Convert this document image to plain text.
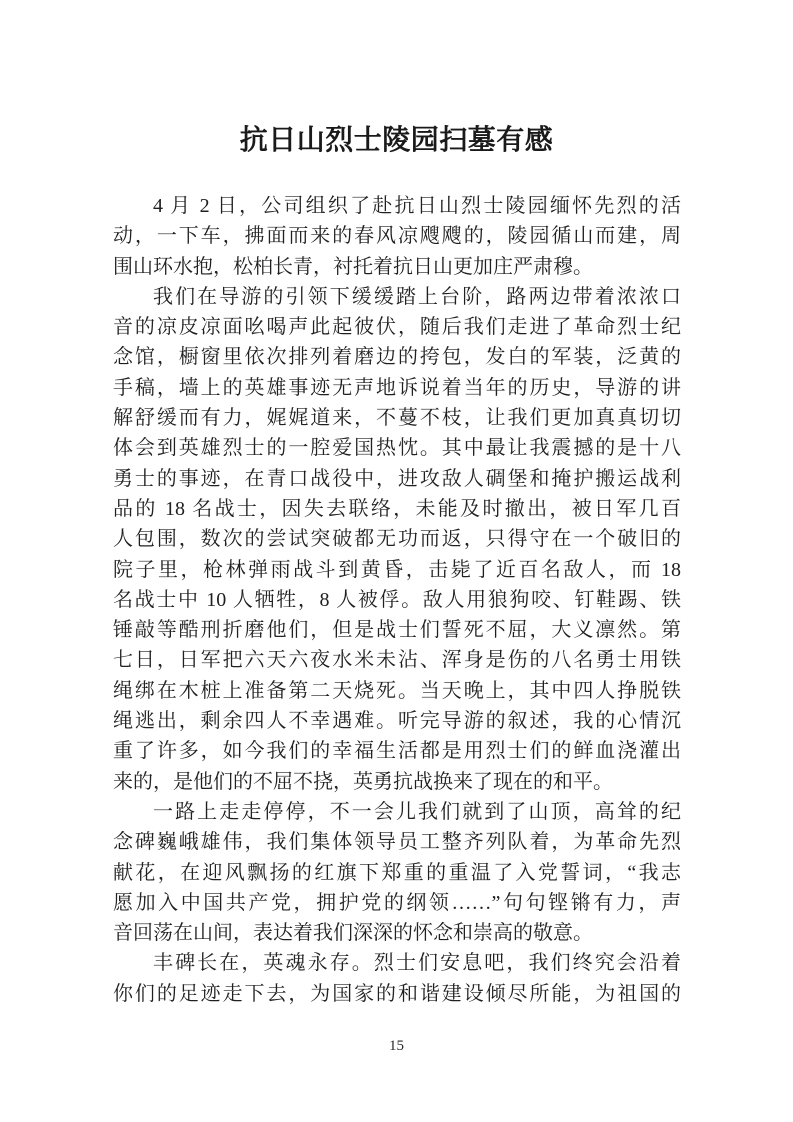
抗日山烈士陵园扫墓有感
4 月 2 日，公司组织了赴抗日山烈士陵园缅怀先烈的活
动，一下车，拂面而来的春风凉飕飕的，陵园循山而建，周
围山环水抱，松柏长青，衬托着抗日山更加庄严肃穆。
我们在导游的引领下缓缓踏上台阶，路两边带着浓浓口
音的凉皮凉面吆喝声此起彼伏，随后我们走进了革命烈士纪
念馆，橱窗里依次排列着磨边的挎包，发白的军装，泛黄的
手稿，墙上的英雄事迹无声地诉说着当年的历史，导游的讲
解舒缓而有力，娓娓道来，不蔓不枝，让我们更加真真切切
体会到英雄烈士的一腔爱国热忱。其中最让我震撼的是十八
勇士的事迹，在青口战役中，进攻敌人碉堡和掩护搬运战利
品的 18 名战士，因失去联络，未能及时撤出，被日军几百
人包围，数次的尝试突破都无功而返，只得守在一个破旧的
院子里，枪林弹雨战斗到黄昏，击毙了近百名敌人，而 18
名战士中 10 人牺牲，8 人被俘。敌人用狼狗咬、钉鞋踢、铁
锤敲等酷刑折磨他们，但是战士们誓死不屈，大义凛然。第
七日，日军把六天六夜水米未沾、浑身是伤的八名勇士用铁
绳绑在木桩上准备第二天烧死。当天晚上，其中四人挣脱铁
绳逃出，剩余四人不幸遇难。听完导游的叙述，我的心情沉
重了许多，如今我们的幸福生活都是用烈士们的鲜血浇灌出
来的，是他们的不屈不挠，英勇抗战换来了现在的和平。
一路上走走停停，不一会儿我们就到了山顶，高耸的纪
念碑巍峨雄伟，我们集体领导员工整齐列队着，为革命先烈
献花，在迎风飘扬的红旗下郑重的重温了入党誓词，“我志
愿加入中国共产党，拥护党的纲领……”句句铿锵有力，声
音回荡在山间，表达着我们深深的怀念和崇高的敬意。
丰碑长在，英魂永存。烈士们安息吧，我们终究会沿着
你们的足迹走下去，为国家的和谐建设倾尽所能，为祖国的
15
